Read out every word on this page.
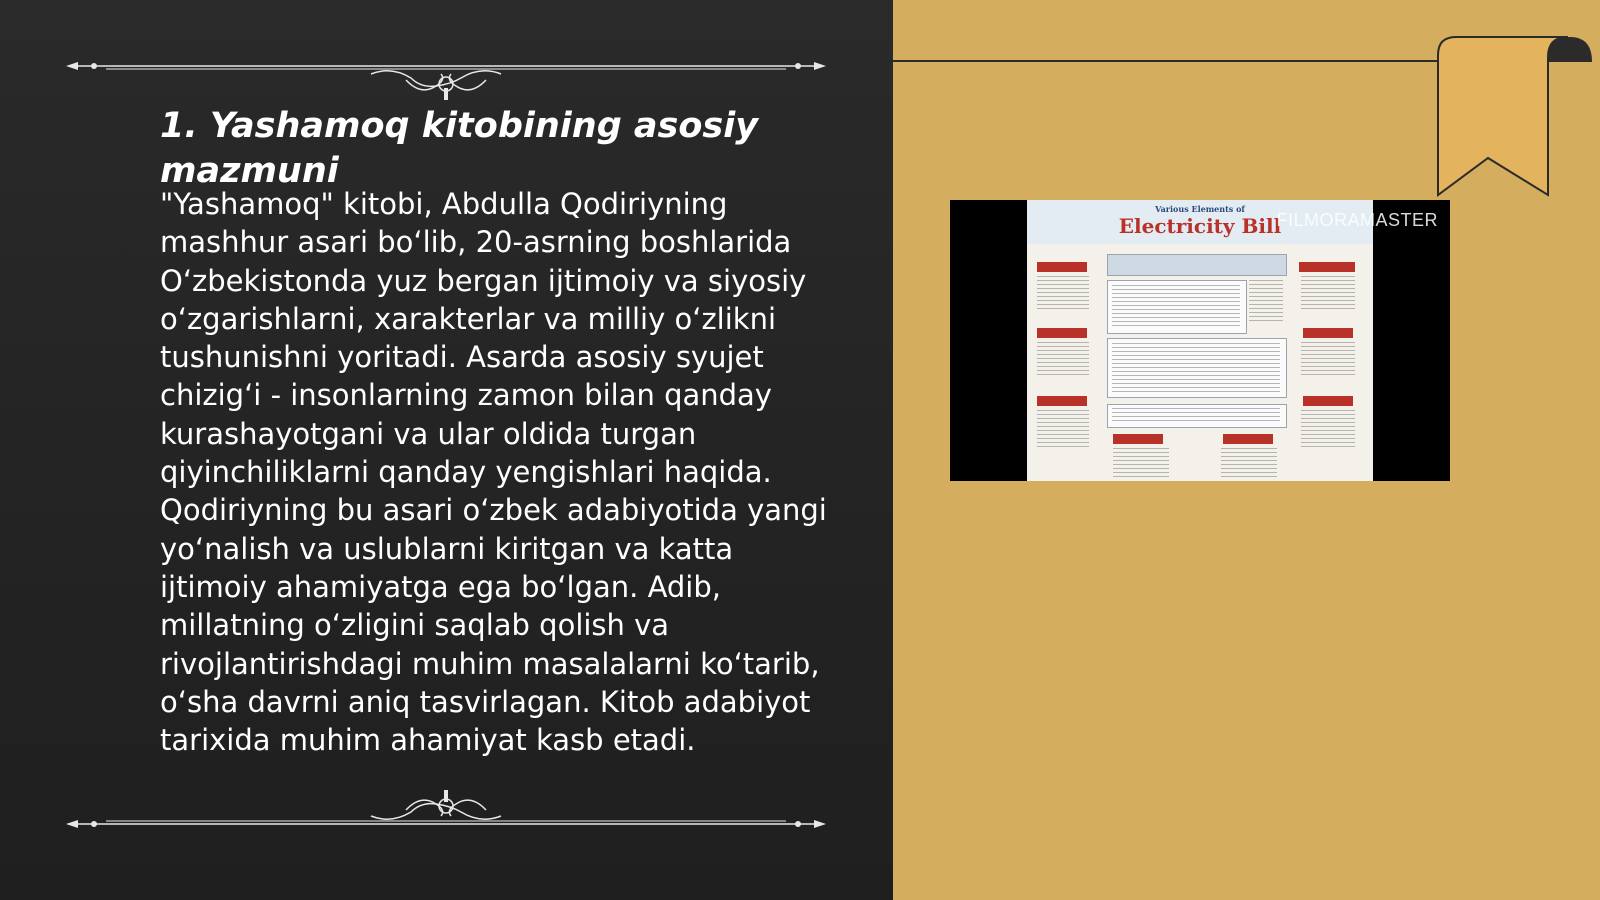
1. Yashamoq kitobining asosiy mazmuni

"Yashamoq" kitobi, Abdulla Qodiriyning mashhur asari bo‘lib, 20-asrning boshlarida O‘zbekistonda yuz bergan ijtimoiy va siyosiy o‘zgarishlarni, xarakterlar va milliy o‘zlikni tushunishni yoritadi. Asarda asosiy syujet chizig‘i - insonlarning zamon bilan qanday kurashayotgani va ular oldida turgan qiyinchiliklarni qanday yengishlari haqida. Qodiriyning bu asari o‘zbek adabiyotida yangi yo‘nalish va uslublarni kiritgan va katta ijtimoiy ahamiyatga ega bo‘lgan. Adib, millatning o‘zligini saqlab qolish va rivojlantirishdagi muhim masalalarni ko‘tarib, o‘sha davrni aniq tasvirlagan. Kitob adabiyot tarixida muhim ahamiyat kasb etadi.

Various Elements of
Electricity Bill
FILMORAMASTER
